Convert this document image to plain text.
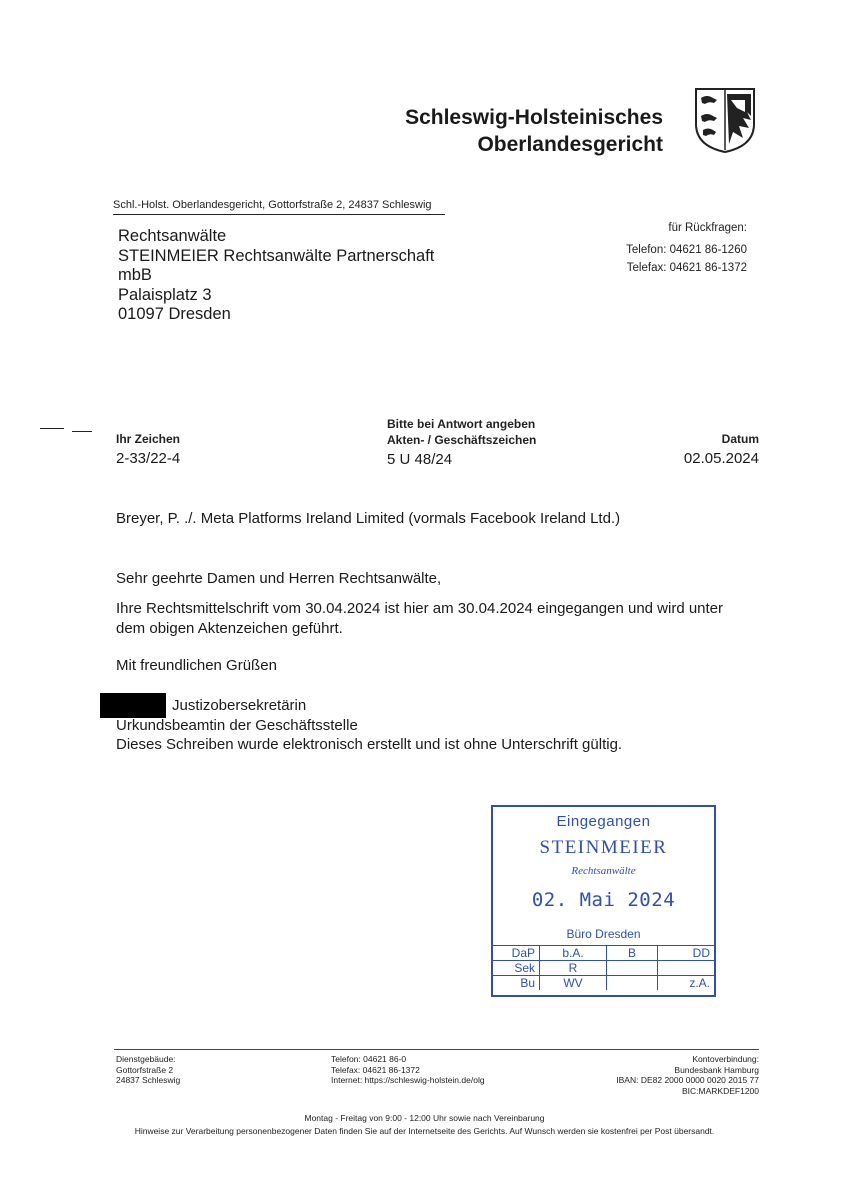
Schleswig-Holsteinisches
Oberlandesgericht
Schl.-Holst. Oberlandesgericht, Gottorfstraße 2, 24837 Schleswig
Rechtsanwälte
STEINMEIER Rechtsanwälte Partnerschaft
mbB
Palaisplatz 3
01097 Dresden
für Rückfragen:
Telefon: 04621 86-1260
Telefax: 04621 86-1372
Ihr Zeichen
2-33/22-4
Bitte bei Antwort angeben
Akten- / Geschäftszeichen
5 U 48/24
Datum
02.05.2024
Breyer, P. ./. Meta Platforms Ireland Limited (vormals Facebook Ireland Ltd.)
Sehr geehrte Damen und Herren Rechtsanwälte,
Ihre Rechtsmittelschrift vom 30.04.2024 ist hier am 30.04.2024 eingegangen und wird unter
dem obigen Aktenzeichen geführt.
Mit freundlichen Grüßen
Justizobersekretärin
Urkundsbeamtin der Geschäftsstelle
Dieses Schreiben wurde elektronisch erstellt und ist ohne Unterschrift gültig.
Eingegangen
STEINMEIER
Rechtsanwälte
02. Mai 2024
Büro Dresden
DaP	b.A.	B	DD
Sek	R		
Bu	WV		z.A.
Dienstgebäude:
Gottorfstraße 2
24837 Schleswig
Telefon: 04621 86-0
Telefax: 04621 86-1372
Internet: https://schleswig-holstein.de/olg
Kontoverbindung:
Bundesbank Hamburg
IBAN: DE82 2000 0000 0020 2015 77
BIC:MARKDEF1200
Montag - Freitag von 9:00 - 12:00 Uhr sowie nach Vereinbarung
Hinweise zur Verarbeitung personenbezogener Daten finden Sie auf der Internetseite des Gerichts. Auf Wunsch werden sie kostenfrei per Post übersandt.
